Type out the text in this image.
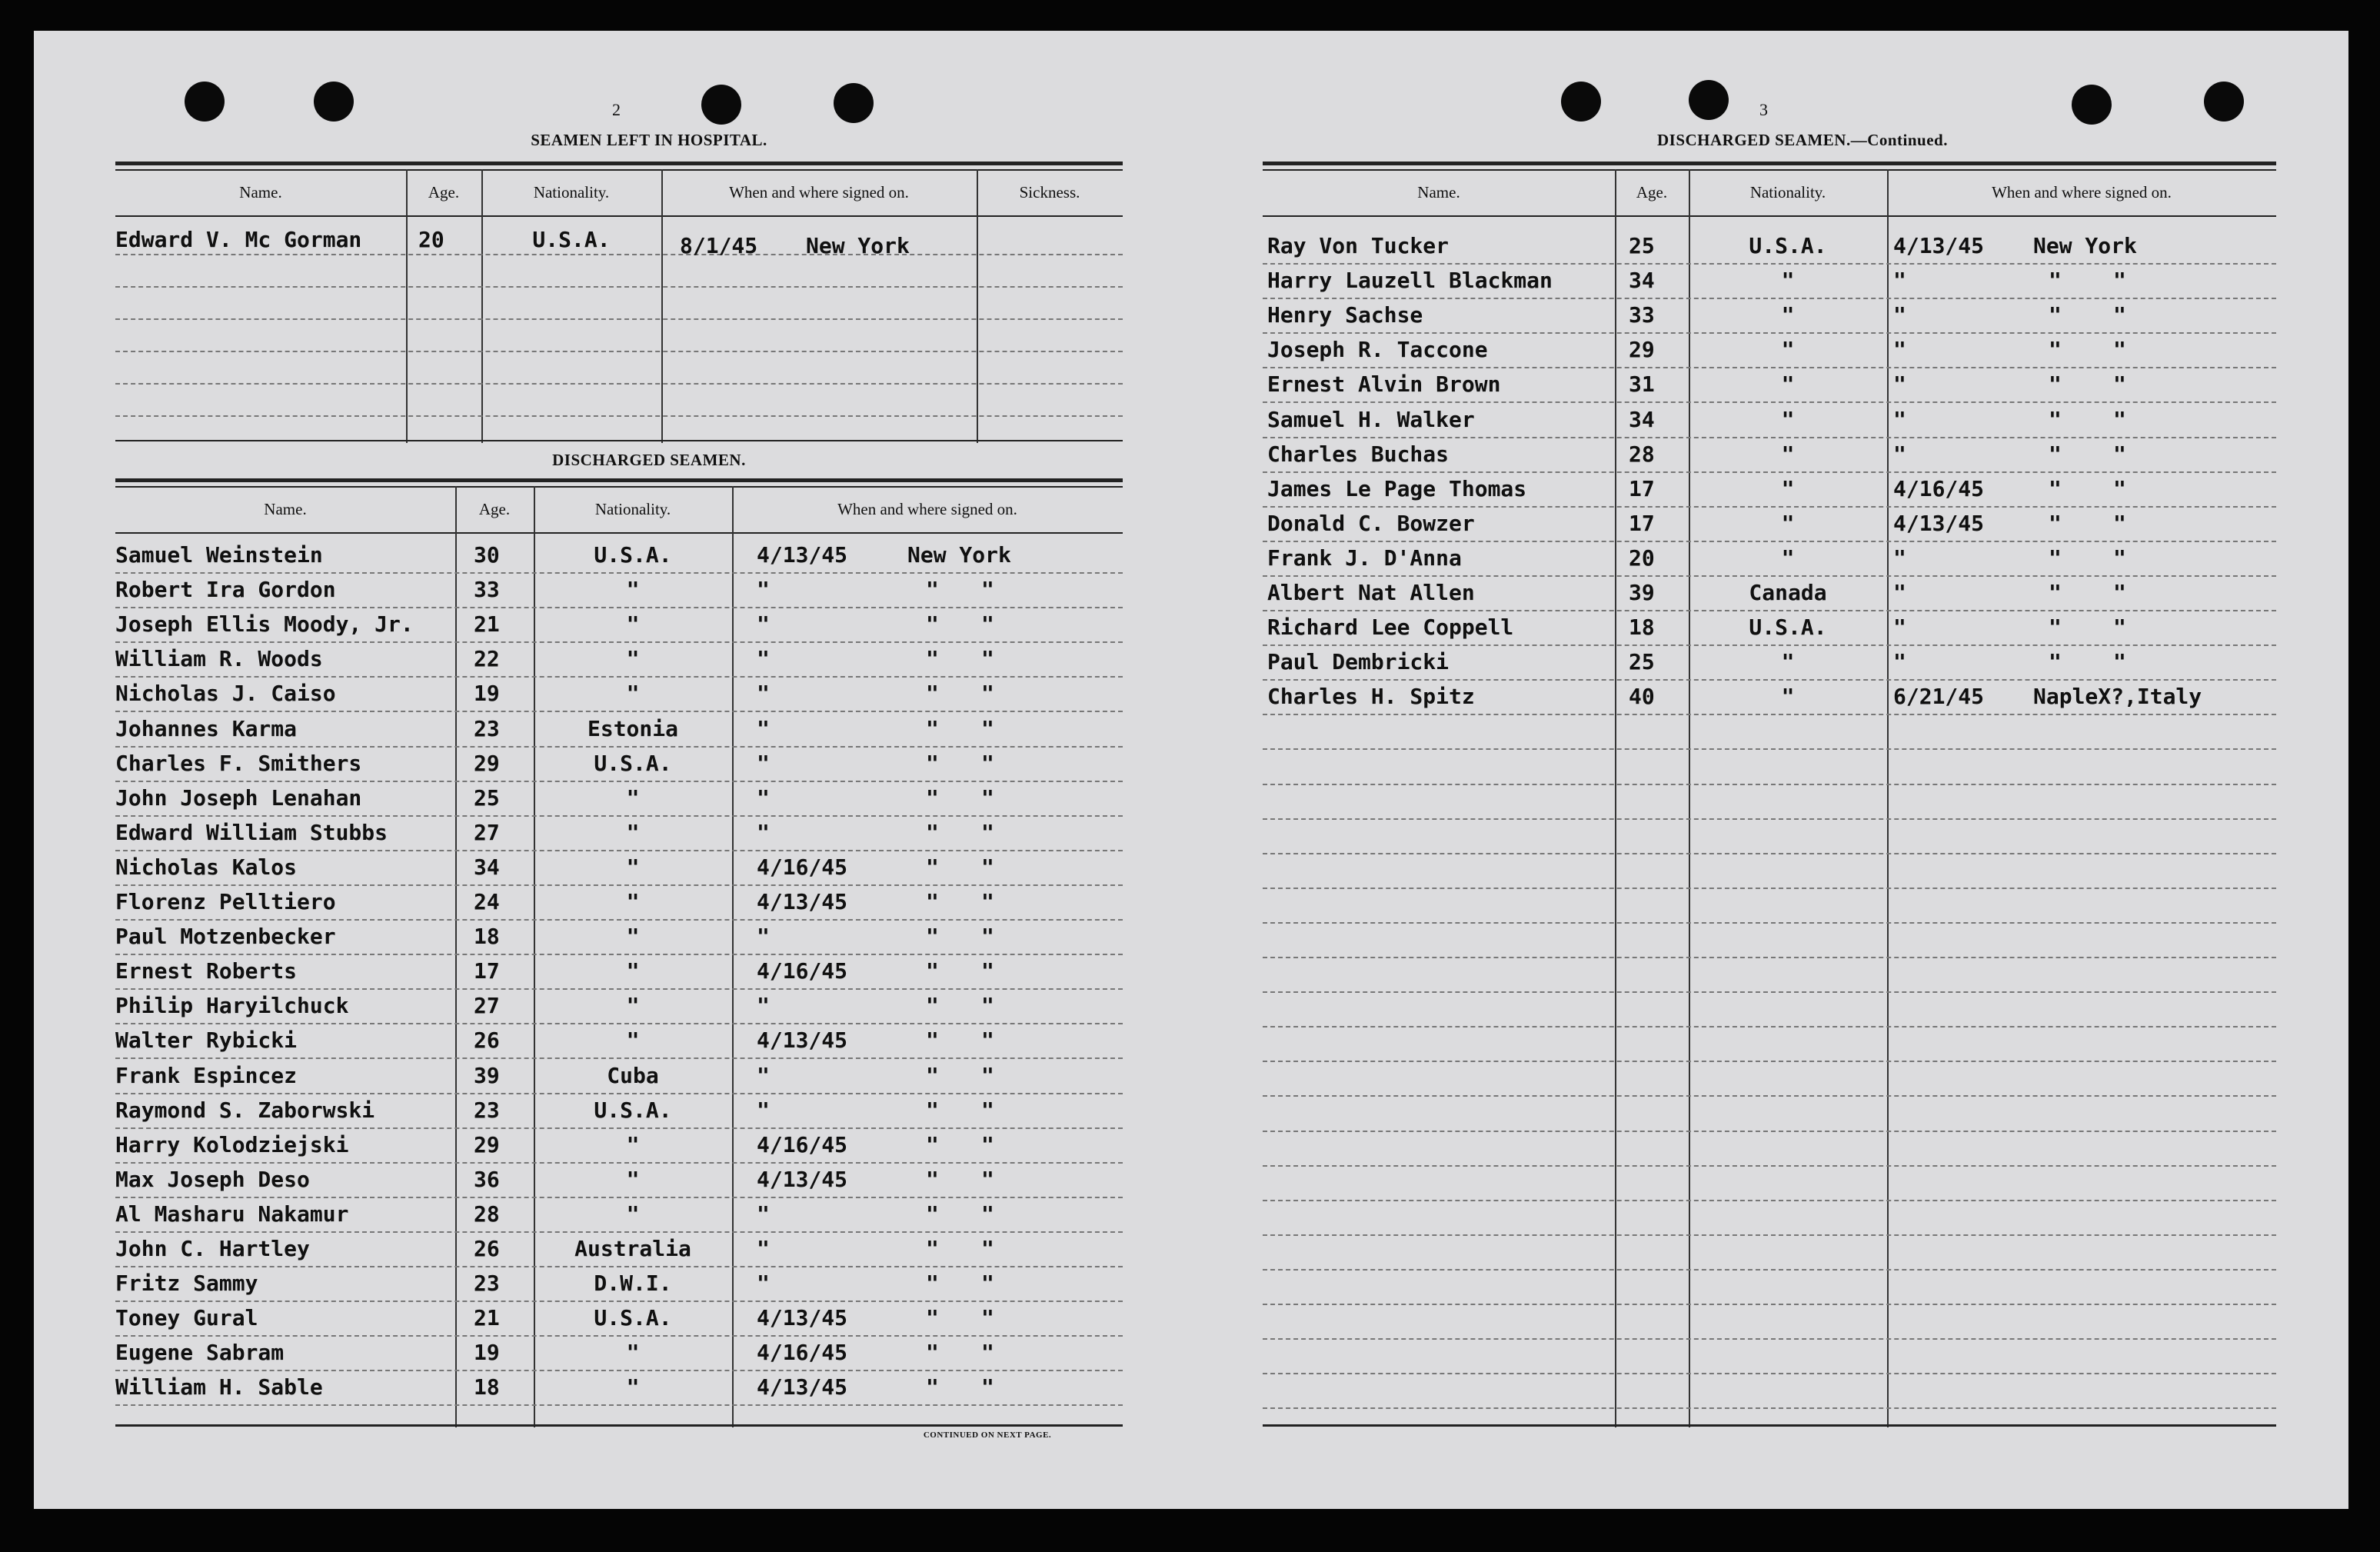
2
SEAMEN LEFT IN HOSPITAL.
3
DISCHARGED SEAMEN.—Continued.
Name.	Age.	Nationality.	When and where signed on.	Sickness.
Edward V. Mc Gorman	20	U.S.A.	8/1/45 New York
Name.	Age.	Nationality.	When and where signed on.
Samuel Weinstein	30	U.S.A.	4/13/45	New York
Robert Ira Gordon	33	"	"	" "
Joseph Ellis Moody, Jr.	21	"	"	" "
William R. Woods	22	"	"	" "
Nicholas J. Caiso	19	"	"	" "
Johannes Karma	23	Estonia	"	" "
Charles F. Smithers	29	U.S.A.	"	" "
John Joseph Lenahan	25	"	"	" "
Edward William Stubbs	27	"	"	" "
Nicholas Kalos	34	"	4/16/45	" "
Florenz Pelltiero	24	"	4/13/45	" "
Paul Motzenbecker	18	"	"	" "
Ernest Roberts	17	"	4/16/45	" "
Philip Haryilchuck	27	"	"	" "
Walter Rybicki	26	"	4/13/45	" "
Frank Espincez	39	Cuba	"	" "
Raymond S. Zaborwski	23	U.S.A.	"	" "
Harry Kolodziejski	29	"	4/16/45	" "
Max Joseph Deso	36	"	4/13/45	" "
Al Masharu Nakamur	28	"	"	" "
John C. Hartley	26	Australia	"	" "
Fritz Sammy	23	D.W.I.	"	" "
Toney Gural	21	U.S.A.	4/13/45	" "
Eugene Sabram	19	"	4/16/45	" "
William H. Sable	18	"	4/13/45	" "
Name.	Age.	Nationality.	When and where signed on.
Ray Von Tucker	25	U.S.A.	4/13/45 New York
Harry Lauzell Blackman	34	"	"	" "
Henry Sachse	33	"	"	" "
Joseph R. Taccone	29	"	"	" "
Ernest Alvin Brown	31	"	"	" "
Samuel H. Walker	34	"	"	" "
Charles Buchas	28	"	"	" "
James Le Page Thomas	17	"	4/16/45	" "
Donald C. Bowzer	17	"	4/13/45	" "
Frank J. D'Anna	20	"	"	" "
Albert Nat Allen	39	Canada	"	" "
Richard Lee Coppell	18	U.S.A.	"	" "
Paul Dembricki	25	"	"	" "
Charles H. Spitz	40	"	6/21/45 NapleX?,Italy
DISCHARGED SEAMEN.
CONTINUED ON NEXT PAGE.
